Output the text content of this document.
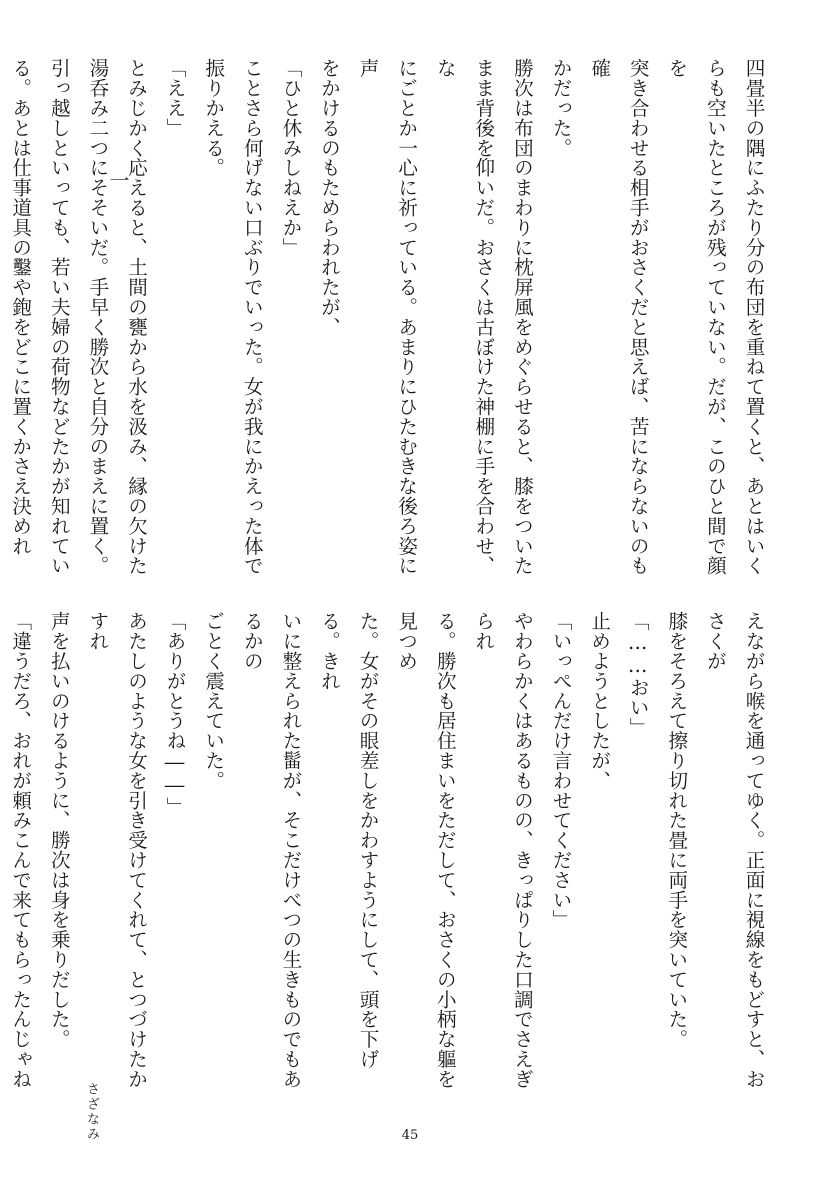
一	四畳半の隅にふたり分の布団を重ねて置くと、あとはいく

らも空いたところが残っていない。だが、このひと間で顔を

突き合わせる相手がおさくだと思えば、苦にならないのも確

かだった。

勝次は布団のまわりに枕屏風をめぐらせると、膝をついた

まま背後を仰いだ。おさくは古ぼけた神棚に手を合わせ、な

にごとか一心に祈っている。あまりにひたむきな後ろ姿に声

をかけるのもためらわれたが、

「ひと休みしねえか」

ことさら何げない口ぶりでいった。女が我にかえった体で

振りかえる。

「ええ」

とみじかく応えると、土間の甕から水を汲み、縁の欠けた

湯呑み二つにそそいだ。手早く勝次と自分のまえに置く。

引っ越しといっても、若い夫婦の荷物などたかが知れてい

る。あとは仕事道具の鑿や鉋をどこに置くかさえ決めれ

えながら喉を通ってゆく。正面に視線をもどすと、おさくが

膝をそろえて擦り切れた畳に両手を突いていた。

「……おい」

止めようとしたが、

「いっぺんだけ言わせてください」

やわらかくはあるものの、きっぱりした口調でさえぎられ

る。勝次も居住まいをただして、おさくの小柄な軀を見つめ

た。女がその眼差しをかわすようにして、頭を下げる。きれ

いに整えられた髷が、そこだけべつの生きものでもあるかの

ごとく震えていた。

「ありがとうね――」

あたしのような女を引き受けてくれて、とつづけたかすれ

声を払いのけるように、勝次は身を乗りだした。

「違うだろ、おれが頼みこんで来てもらったんじゃね

さざなみ	45
